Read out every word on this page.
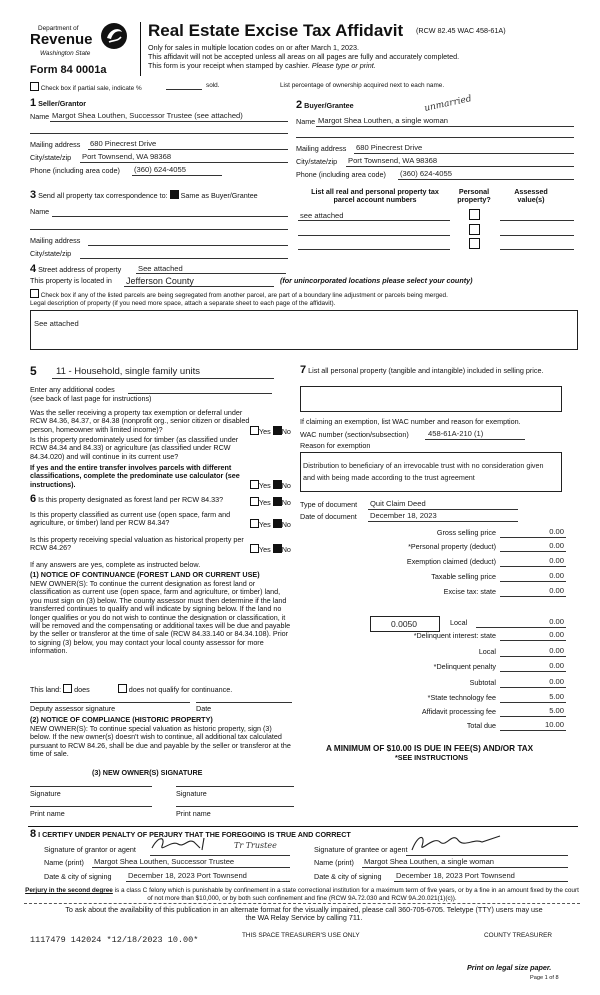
Department of
Revenue
Washington State
Form 84 0001a
Real Estate Excise Tax Affidavit (RCW 82.45 WAC 458-61A)
Only for sales in multiple location codes on or after March 1, 2023.
This affidavit will not be accepted unless all areas on all pages are fully and accurately completed.
This form is your receipt when stamped by cashier. Please type or print.
Check box if partial sale, indicate %	sold.	List percentage of ownership acquired next to each name.
1 Seller/Grantor
Name Margot Shea Louthen, Successor Trustee (see attached)
Mailing address 680 Pinecrest Drive
City/state/zip Port Townsend, WA 98368
Phone (including area code) (360) 624-4055
2 Buyer/Grantee	unmarried
Name Margot Shea Louthen, a single woman
Mailing address 680 Pinecrest Drive
City/state/zip Port Townsend, WA 98368
Phone (including area code) (360) 624-4055
3 Send all property tax correspondence to: Same as Buyer/Grantee
Name
Mailing address
City/state/zip
List all real and personal property tax parcel account numbers
Personal property?
Assessed value(s)
see attached
4 Street address of property See attached
This property is located in Jefferson County	(for unincorporated locations please select your county)
Check box if any of the listed parcels are being segregated from another parcel, are part of a boundary line adjustment or parcels being merged.
Legal description of property (if you need more space, attach a separate sheet to each page of the affidavit).
See attached
5 11 - Household, single family units
Enter any additional codes
(see back of last page for instructions)
Was the seller receiving a property tax exemption or deferral under RCW 84.36, 84.37, or 84.38 (nonprofit org., senior citizen or disabled person, homeowner with limited income)?	Yes No
Is this property predominately used for timber (as classified under RCW 84.34 and 84.33) or agriculture (as classified under RCW 84.34.020) and will continue in its current use?
If yes and the entire transfer involves parcels with different classifications, complete the predominate use calculator (see instructions).	Yes No
6 Is this property designated as forest land per RCW 84.33?	Yes No
Is this property classified as current use (open space, farm and agriculture, or timber) land per RCW 84.34?	Yes No
Is this property receiving special valuation as historical property per RCW 84.26?	Yes No
If any answers are yes, complete as instructed below.
(1) NOTICE OF CONTINUANCE (FOREST LAND OR CURRENT USE)
NEW OWNER(S): To continue the current designation as forest land or classification as current use (open space, farm and agriculture, or timber) land, you must sign on (3) below. The county assessor must then determine if the land transferred continues to qualify and will indicate by signing below. If the land no longer qualifies or you do not wish to continue the designation or classification, it will be removed and the compensating or additional taxes will be due and payable by the seller or transferor at the time of sale (RCW 84.33.140 or 84.34.108). Prior to signing (3) below, you may contact your local county assessor for more information.
This land: does	does not qualify for continuance.
Deputy assessor signature	Date
(2) NOTICE OF COMPLIANCE (HISTORIC PROPERTY)
NEW OWNER(S): To continue special valuation as historic property, sign (3) below. If the new owner(s) doesn't wish to continue, all additional tax calculated pursuant to RCW 84.26, shall be due and payable by the seller or transferor at the time of sale.
(3) NEW OWNER(S) SIGNATURE
Signature	Signature
Print name	Print name
7 List all personal property (tangible and intangible) included in selling price.
If claiming an exemption, list WAC number and reason for exemption.
WAC number (section/subsection)	458-61A-210 (1)
Reason for exemption
Distribution to beneficiary of an irrevocable trust with no consideration given and with being made according to the trust agreement
Type of document Quit Claim Deed
Date of document December 18, 2023
Gross selling price	0.00
*Personal property (deduct)	0.00
Exemption claimed (deduct)	0.00
Taxable selling price	0.00
Excise tax: state	0.00
0.0050	Local	0.00
*Delinquent interest: state	0.00
Local	0.00
*Delinquent penalty	0.00
Subtotal	0.00
*State technology fee	5.00
Affidavit processing fee	5.00
Total due	10.00
A MINIMUM OF $10.00 IS DUE IN FEE(S) AND/OR TAX
*SEE INSTRUCTIONS
8 I CERTIFY UNDER PENALTY OF PERJURY THAT THE FOREGOING IS TRUE AND CORRECT
Signature of grantor or agent	Tr Trustee	Signature of grantee or agent
Name (print) Margot Shea Louthen, Successor Trustee	Name (print) Margot Shea Louthen, a single woman
Date & city of signing December 18, 2023 Port Townsend	Date & city of signing December 18, 2023 Port Townsend
Perjury in the second degree is a class C felony which is punishable by confinement in a state correctional institution for a maximum term of five years, or by a fine in an amount fixed by the court of not more than $10,000, or by both such confinement and fine (RCW 9A.72.030 and RCW 9A.20.021(1)(c)).
To ask about the availability of this publication in an alternate format for the visually impaired, please call 360-705-6705. Teletype (TTY) users may use the WA Relay Service by calling 711.
1117479 142024 *12/18/2023 10.00*	THIS SPACE TREASURER'S USE ONLY	COUNTY TREASURER
Print on legal size paper.
Page 1 of 8
